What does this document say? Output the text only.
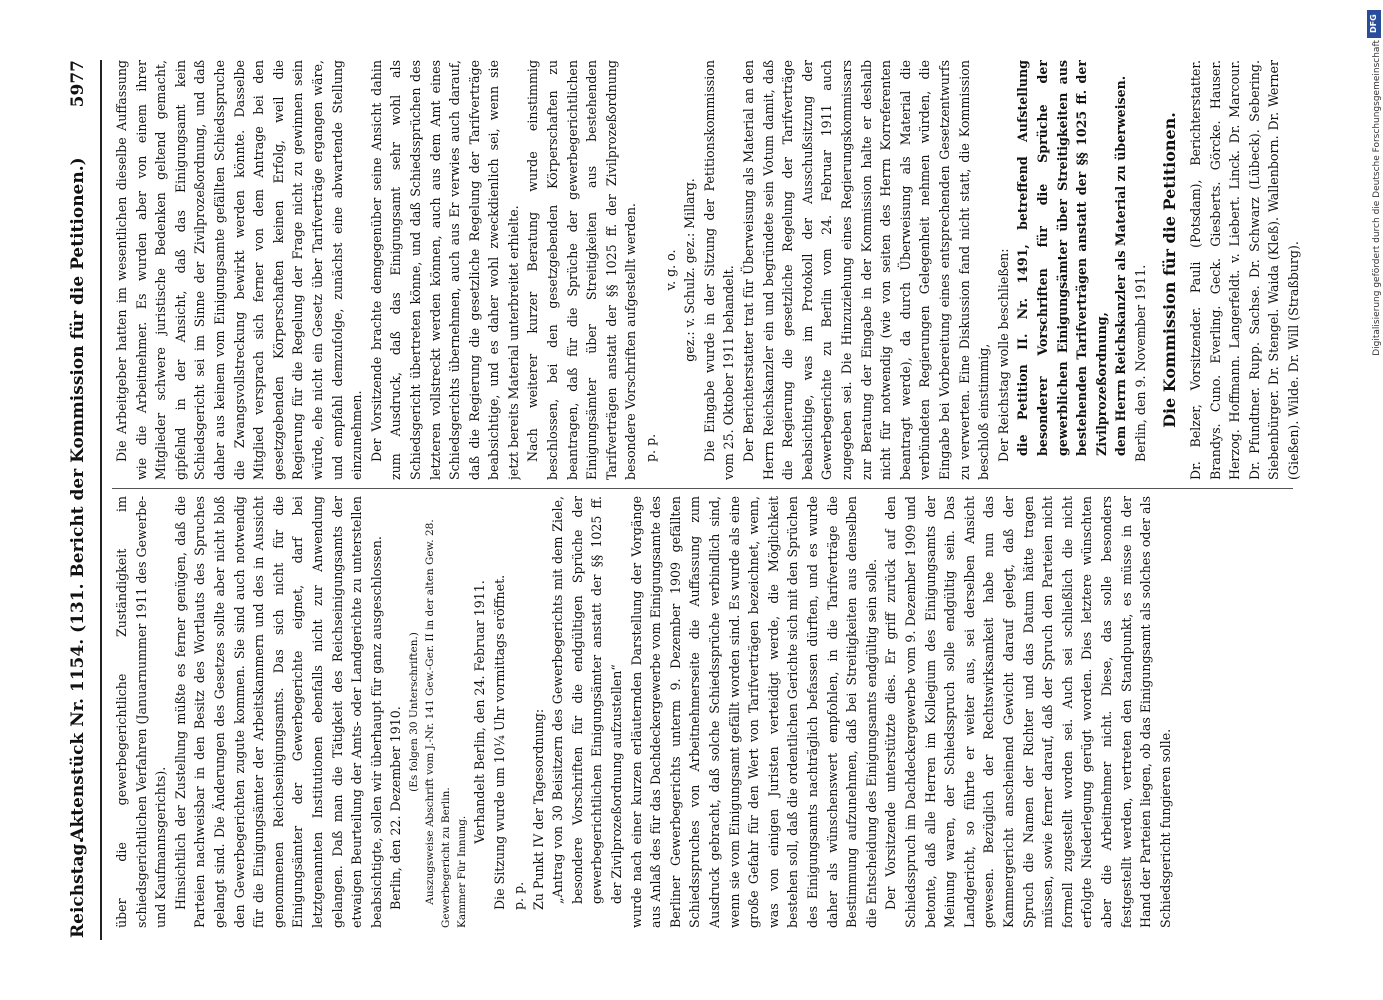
Reichstag.
Aktenstück Nr. 1154. (131. Bericht der Kommission für die Petitionen.)
5977

über die gewerbegerichtliche Zuständigkeit im schiedsgerichtlichen Verfahren (Januarnummer 1911 des Gewerbe- und Kaufmannsgerichts). Hinsichtlich der Zustellung müßte es ferner genügen, daß die Parteien nachweisbar in den Besitz des Wortlauts des Spruches gelangt sind. Die Änderungen des Gesetzes sollte aber nicht bloß den Gewerbegerichten zugute kommen. Sie sind auch notwendig für die Einigungsämter der Arbeitskammern und des in Aussicht genommenen Reichseinigungsamts. Das sich nicht für die Einigungsämter der Gewerbegerichte eignet, darf bei letztgenannten Institutionen ebenfalls nicht zur Anwendung gelangen. Daß man die Tätigkeit des Reichseinigungsamts der etwaigen Beurteilung der Amts- oder Landgerichte zu unterstellen beabsichtigte, sollen wir überhaupt für ganz ausgeschlossen. Berlin, den 22. Dezember 1910. (Es folgen 30 Unterschriften.) Auszugsweise Abschrift vom J.-Nr. 141 Gew.-Ger. II in der alten Gew. 28. Gewerbegericht zu Berlin. Kammer Für Innung.

Verhandelt Berlin, den 24. Februar 1911. Die Sitzung wurde um 10¼ Uhr vormittags eröffnet. p. p. Zu Punkt IV der Tagesordnung: „Antrag von 30 Beisitzern des Gewerbegerichts mit dem Ziele, besondere Vorschriften für die endgültigen Sprüche der gewerbegerichtlichen Einigungsämter anstatt der §§ 1025 ff. der Zivilprozeßordnung aufzustellen“ wurde nach einer kurzen erläuternden Darstellung der Vorgänge aus Anlaß des für das Dachdeckergewerbe vom Einigungsamte des Berliner Gewerbegerichts unterm 9. Dezember 1909 gefällten Schiedsspruches von Arbeitnehmerseite die Auffassung zum Ausdruck gebracht, daß solche Schiedssprüche verbindlich sind, wenn sie vom Einigungsamt gefällt worden sind. Es wurde als eine große Gefahr für den Wert von Tarifverträgen bezeichnet, wenn, was von einigen Juristen verteidigt werde, die Möglichkeit bestehen soll, daß die ordentlichen Gerichte sich mit den Sprüchen des Einigungsamts nachträglich befassen dürften, und es wurde daher als wünschenswert empfohlen, in die Tarifverträge die Bestimmung aufzunehmen, daß bei Streitigkeiten aus denselben die Entscheidung des Einigungsamts endgültig sein solle. Der Vorsitzende unterstützte dies. Er griff zurück auf den Schiedsspruch im Dachdeckergewerbe vom 9. Dezember 1909 und betonte, daß alle Herren im Kollegium des Einigungsamts der Meinung waren, der Schiedsspruch solle endgültig sein. Das Landgericht, so führte er weiter aus, sei derselben Ansicht gewesen. Bezüglich der Rechtswirksamkeit habe nun das Kammergericht anscheinend Gewicht darauf gelegt, daß der Spruch die Namen der Richter und das Datum hätte tragen müssen, sowie ferner darauf, daß der Spruch den Parteien nicht formell zugestellt worden sei. Auch sei schließlich die nicht erfolgte Niederlegung gerügt worden. Dies letztere wünschten aber die Arbeitnehmer nicht. Diese, das solle besonders festgestellt werden, vertreten den Standpunkt, es müsse in der Hand der Parteien liegen, ob das Einigungsamt als solches oder als Schiedsgericht fungieren solle.

Die Arbeitgeber hatten im wesentlichen dieselbe Auffassung wie die Arbeitnehmer. Es wurden aber von einem ihrer Mitglieder schwere juristische Bedenken geltend gemacht, gipfelnd in der Ansicht, daß das Einigungsamt kein Schiedsgericht sei im Sinne der Zivilprozeßordnung, und daß daher aus keinem vom Einigungsamte gefällten Schiedsspruche die Zwangsvollstreckung bewirkt werden könnte. Dasselbe Mitglied versprach sich ferner von dem Antrage bei den gesetzgebenden Körperschaften keinen Erfolg, weil die Regierung für die Regelung der Frage nicht zu gewinnen sein würde, ehe nicht ein Gesetz über Tarifverträge ergangen wäre, und empfahl demzufolge, zunächst eine abwartende Stellung einzunehmen. Der Vorsitzende brachte demgegenüber seine Ansicht dahin zum Ausdruck, daß das Einigungsamt sehr wohl als Schiedsgericht übertreten könne, und daß Schiedssprüchen des letzteren vollstreckt werden können, auch aus dem Amt eines Schiedsgerichts übernehmen, auch aus Er verwies auch darauf, daß die Regierung die gesetzliche Regelung der Tarifverträge beabsichtige, und es daher wohl zweckdienlich sei, wenn sie jetzt bereits Material unterbreitet erhielte. Nach weiterer kurzer Beratung wurde einstimmig beschlossen, bei den gesetzgebenden Körperschaften zu beantragen, daß für die Sprüche der gewerbegerichtlichen Einigungsämter über Streitigkeiten aus bestehenden Tarifverträgen anstatt der §§ 1025 ff. der Zivilprozeßordnung besondere Vorschriften aufgestellt werden. p. p.

v. g. o. gez.: v. Schulz. gez.: Millarg. Die Eingabe wurde in der Sitzung der Petitionskommission vom 25. Oktober 1911 behandelt. Der Berichterstatter trat für Überweisung als Material an den Herrn Reichskanzler ein und begründete sein Votum damit, daß die Regierung die gesetzliche Regelung der Tarifverträge beabsichtige, was im Protokoll der Ausschußsitzung der Gewerbegerichte zu Berlin vom 24. Februar 1911 auch zugegeben sei. Die Hinzuziehung eines Regierungskommissars zur Beratung der Eingabe in der Kommission halte er deshalb nicht für notwendig (wie von seiten des Herrn Korreferenten beantragt werde), da durch Überweisung als Material die verbündeten Regierungen Gelegenheit nehmen würden, die Eingabe bei Vorbereitung eines entsprechenden Gesetzentwurfs zu verwerten. Eine Diskussion fand nicht statt, die Kommission beschloß einstimmig, Der Reichstag wolle beschließen: die Petition II. Nr. 1491, betreffend Aufstellung besonderer Vorschriften für die Sprüche der gewerblichen Einigungsämter über Streitigkeiten aus bestehenden Tarifverträgen anstatt der §§ 1025 ff. der Zivilprozeßordnung, dem Herrn Reichskanzler als Material zu überweisen. Berlin, den 9. November 1911. Die Kommission für die Petitionen. Dr. Belzer, Vorsitzender. Pauli (Potsdam), Berichterstatter. Brandys. Cuno. Everling. Geck. Giesberts. Görcke. Hauser. Herzog. Hoffmann. Langerfeldt. v. Liebert. Linck. Dr. Marcour. Dr. Pfundtner. Rupp. Sachse. Dr. Schwarz (Lübeck). Sebering. Siebenbürger. Dr. Stengel. Waida (Kleß). Wallenborn. Dr. Werner (Gießen). Wilde. Dr. Will (Straßburg).

DFG
Digitalisierung gefördert durch die Deutsche Forschungsgemeinschaft
